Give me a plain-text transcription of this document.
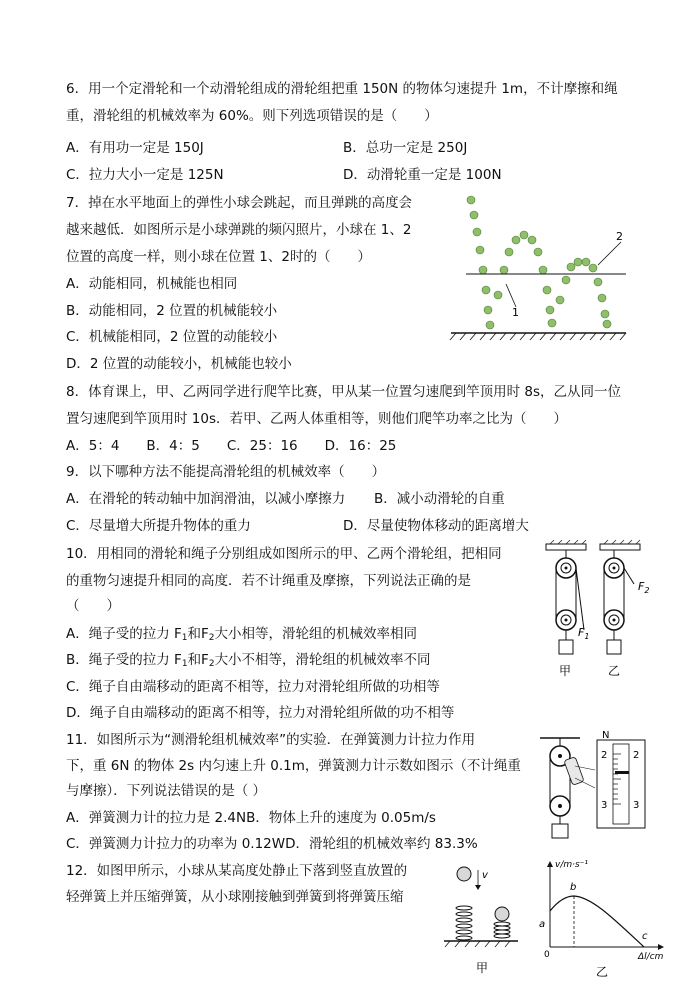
6．用一个定滑轮和一个动滑轮组成的滑轮组把重 150N 的物体匀速提升 1m，不计摩擦和绳
重，滑轮组的机械效率为 60%。则下列选项错误的是（　　）
A．有用功一定是 150J	B．总功一定是 250J
C．拉力大小一定是 125N	D．动滑轮重一定是 100N
7．掉在水平地面上的弹性小球会跳起，而且弹跳的高度会
越来越低．如图所示是小球弹跳的频闪照片，小球在 1、2
位置的高度一样，则小球在位置 1、2时的（　　）
A．动能相同，机械能也相同
B．动能相同，2 位置的机械能较小
C．机械能相同，2 位置的动能较小
D．2 位置的动能较小，机械能也较小
1
2
8．体育课上，甲、乙两同学进行爬竿比赛，甲从某一位置匀速爬到竿顶用时 8s，乙从同一位
置匀速爬到竿顶用时 10s．若甲、乙两人体重相等，则他们爬竿功率之比为（　　）
A．5：4　　B．4：5　　C．25：16　　D．16：25
9．以下哪种方法不能提高滑轮组的机械效率（　　）
A．在滑轮的转动轴中加润滑油，以减小摩擦力 B．减小动滑轮的自重
C．尽量增大所提升物体的重力	D．尽量使物体移动的距离增大
10．用相同的滑轮和绳子分别组成如图所示的甲、乙两个滑轮组，把相同
的重物匀速提升相同的高度．若不计绳重及摩擦，下列说法正确的是
（　　）
A．绳子受的拉力 $F_1$和$F_2$大小相等，滑轮组的机械效率相同
B．绳子受的拉力 $F_1$和$F_2$大小不相等，滑轮组的机械效率不同
C．绳子自由端移动的距离不相等，拉力对滑轮组所做的功相等
D．绳子自由端移动的距离不相等，拉力对滑轮组所做的功不相等
$F_1$
甲
$F_2$
乙
11．如图所示为“测滑轮组机械效率”的实验．在弹簧测力计拉力作用
下，重 6N 的物体 2s 内匀速上升 0.1m，弹簧测力计示数如图示（不计绳重
与摩擦）．下列说法错误的是（ ）
A．弹簧测力计的拉力是 2.4NB．物体上升的速度为 0.05m/s
C．弹簧测力计拉力的功率为 0.12WD．滑轮组的机械效率约 83.3%
N
2	2
3	3
12．如图甲所示，小球从某高度处静止下落到竖直放置的
轻弹簧上并压缩弹簧，从小球刚接触到弹簧到将弹簧压缩
v
甲
v/m·s⁻¹
Δl/cm
0
a
b
c
乙
